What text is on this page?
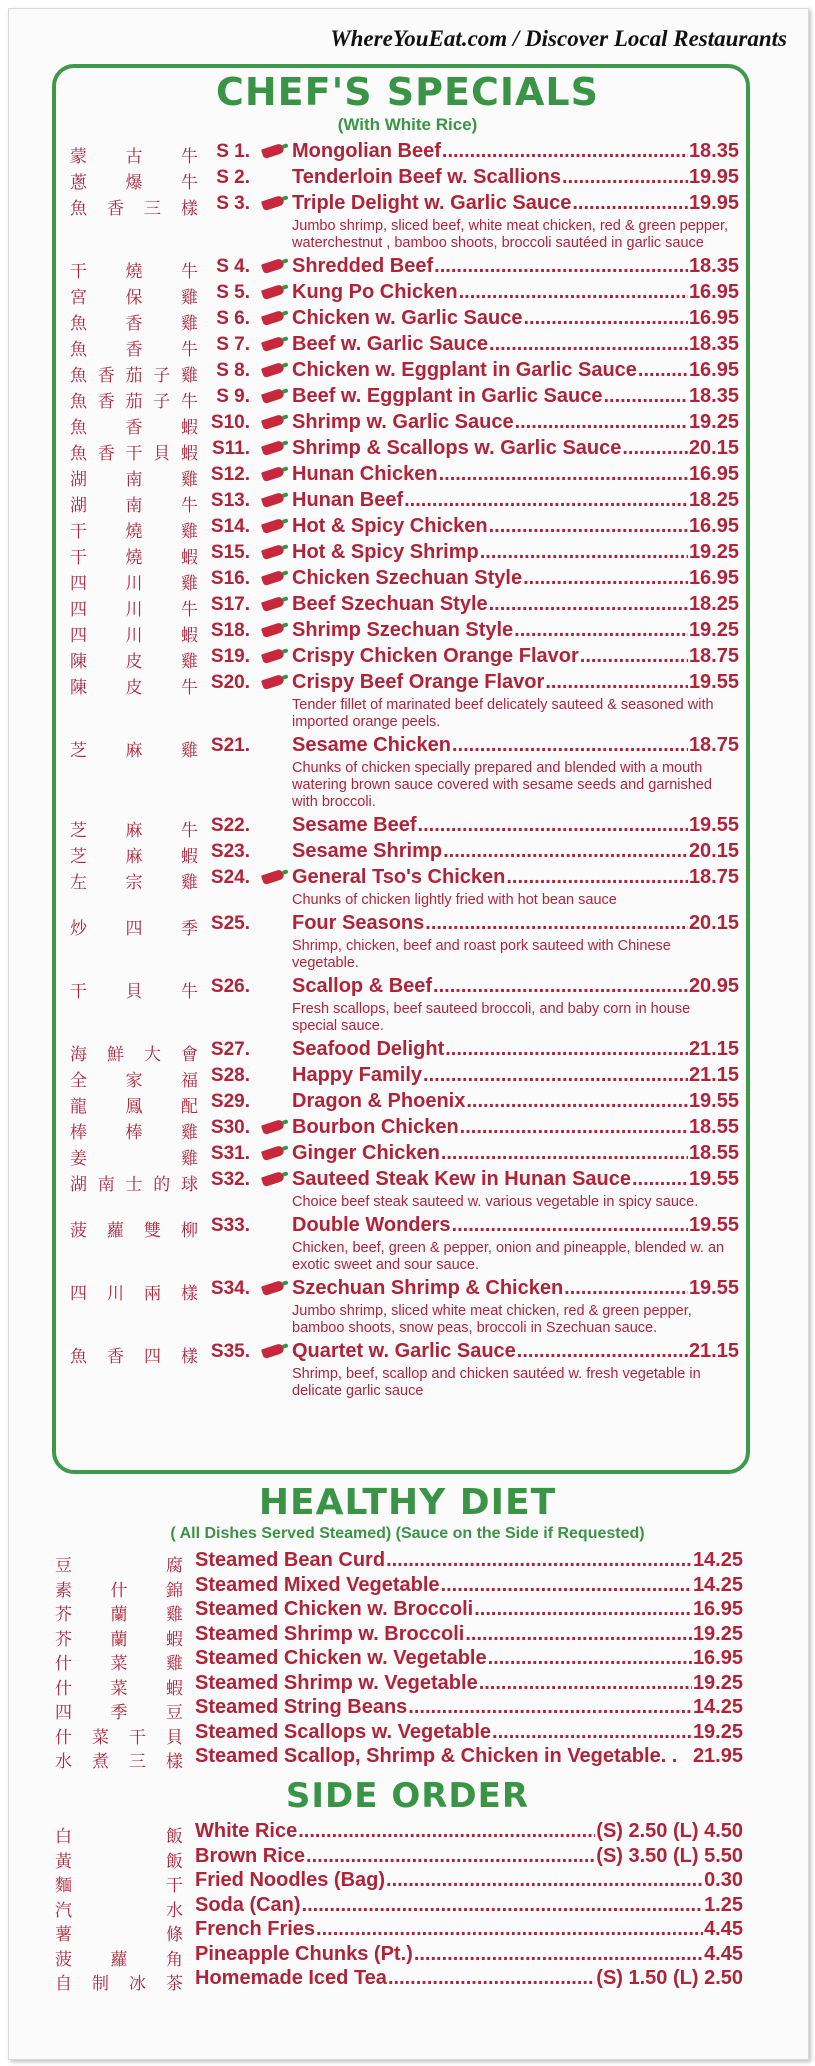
WhereYouEat.com / Discover Local Restaurants
CHEF'S SPECIALS
(With White Rice)
蒙 古 牛 S 1. Mongolian Beef .....	18.35
蔥 爆 牛 S 2. Tenderloin Beef w. Scallions .....	19.95
魚 香 三 樣 S 3. Triple Delight w. Garlic Sauce .....	19.95
Jumbo shrimp, sliced beef, white meat chicken, red & green pepper, waterchestnut , bamboo shoots, broccoli sautéed in garlic sauce
干 燒 牛 S 4. Shredded Beef .....	18.35
宮 保 雞 S 5. Kung Po Chicken .....	16.95
魚 香 雞 S 6. Chicken w. Garlic Sauce .....	16.95
魚 香 牛 S 7. Beef w. Garlic Sauce .....	18.35
魚 香 茄 子 雞 S 8. Chicken w. Eggplant in Garlic Sauce .....	16.95
魚 香 茄 子 牛 S 9. Beef w. Eggplant in Garlic Sauce .....	18.35
魚 香 蝦 S10. Shrimp w. Garlic Sauce .....	19.25
魚 香 干 貝 蝦 S11. Shrimp & Scallops w. Garlic Sauce .....	20.15
湖 南 雞 S12. Hunan Chicken .....	16.95
湖 南 牛 S13. Hunan Beef .....	18.25
干 燒 雞 S14. Hot & Spicy Chicken .....	16.95
干 燒 蝦 S15. Hot & Spicy Shrimp .....	19.25
四 川 雞 S16. Chicken Szechuan Style .....	16.95
四 川 牛 S17. Beef Szechuan Style .....	18.25
四 川 蝦 S18. Shrimp Szechuan Style .....	19.25
陳 皮 雞 S19. Crispy Chicken Orange Flavor .....	18.75
陳 皮 牛 S20. Crispy Beef Orange Flavor .....	19.55
Tender fillet of marinated beef delicately sauteed & seasoned with imported orange peels.
芝 麻 雞 S21. Sesame Chicken .....	18.75
Chunks of chicken specially prepared and blended with a mouth watering brown sauce covered with sesame seeds and garnished with broccoli.
芝 麻 牛 S22. Sesame Beef .....	19.55
芝 麻 蝦 S23. Sesame Shrimp .....	20.15
左 宗 雞 S24. General Tso's Chicken .....	18.75
Chunks of chicken lightly fried with hot bean sauce
炒 四 季 S25. Four Seasons .....	20.15
Shrimp, chicken, beef and roast pork sauteed with Chinese vegetable.
干 貝 牛 S26. Scallop & Beef .....	20.95
Fresh scallops, beef sauteed broccoli, and baby corn in house special sauce.
海 鮮 大 會 S27. Seafood Delight .....	21.15
全 家 福 S28. Happy Family .....	21.15
龍 鳳 配 S29. Dragon & Phoenix .....	19.55
棒 棒 雞 S30. Bourbon Chicken .....	18.55
姜	雞 S31. Ginger Chicken .....	18.55
湖 南 士 的 球 S32. Sauteed Steak Kew in Hunan Sauce .....	19.55
Choice beef steak sauteed w. various vegetable in spicy sauce.
菠 蘿 雙 柳 S33. Double Wonders .....	19.55
Chicken, beef, green & pepper, onion and pineapple, blended w. an exotic sweet and sour sauce.
四 川 兩 樣 S34. Szechuan Shrimp & Chicken .....	19.55
Jumbo shrimp, sliced white meat chicken, red & green pepper, bamboo shoots, snow peas, broccoli in Szechuan sauce.
魚 香 四 樣 S35. Quartet w. Garlic Sauce .....	21.15
Shrimp, beef, scallop and chicken sautéed w. fresh vegetable in delicate garlic sauce
HEALTHY DIET
( All Dishes Served Steamed) (Sauce on the Side if Requested)
豆	腐 Steamed Bean Curd .....	14.25
素 什 錦 Steamed Mixed Vegetable .....	14.25
芥 蘭 雞 Steamed Chicken w. Broccoli .....	16.95
芥 蘭 蝦 Steamed Shrimp w. Broccoli .....	19.25
什 菜 雞 Steamed Chicken w. Vegetable .....	16.95
什 菜 蝦 Steamed Shrimp w. Vegetable .....	19.25
四 季 豆 Steamed String Beans .....	14.25
什 菜 干 貝 Steamed Scallops w. Vegetable .....	19.25
水 煮 三 樣 Steamed Scallop, Shrimp & Chicken in Vegetable. . 21.95
SIDE ORDER
白	飯 White Rice .....	(S) 2.50 (L) 4.50
黃	飯 Brown Rice .....	(S) 3.50 (L) 5.50
麵	干 Fried Noodles (Bag) .....	0.30
汽	水 Soda (Can) .....	1.25
薯	條 French Fries .....	4.45
菠 蘿 角 Pineapple Chunks (Pt.) .....	4.45
自 制 冰 茶 Homemade Iced Tea .....	(S) 1.50 (L) 2.50
